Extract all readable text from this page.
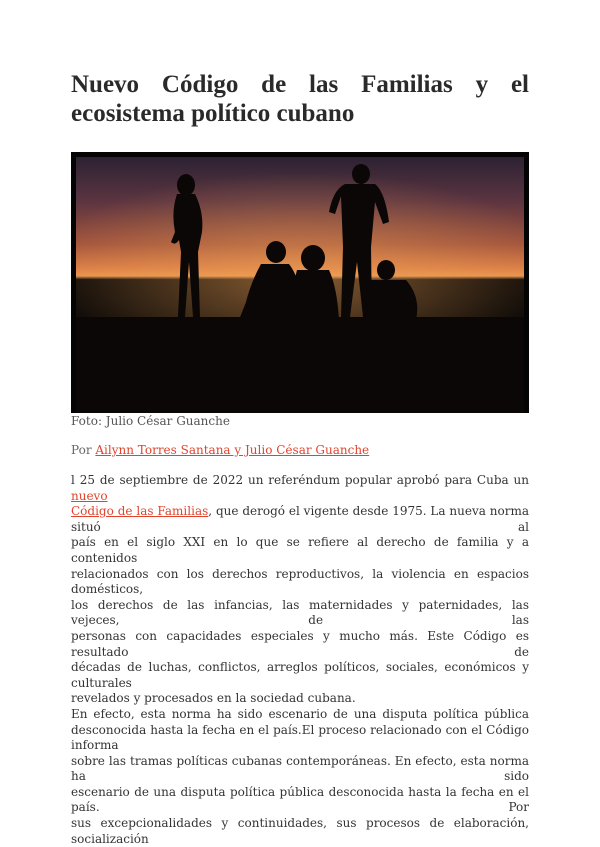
Nuevo Código de las Familias y el ecosistema político cubano
Foto: Julio César Guanche
Por Ailynn Torres Santana y Julio César Guanche

l 25 de septiembre de 2022 un referéndum popular aprobó para Cuba un nuevo

Código de las Familias, que derogó el vigente desde 1975. La nueva norma situó al

país en el siglo XXI en lo que se refiere al derecho de familia y a contenidos

relacionados con los derechos reproductivos, la violencia en espacios domésticos,

los derechos de las infancias, las maternidades y paternidades, las vejeces, de las

personas con capacidades especiales y mucho más. Este Código es resultado de

décadas de luchas, conflictos, arreglos políticos, sociales, económicos y culturales

revelados y procesados en la sociedad cubana.

En efecto, esta norma ha sido escenario de una disputa política pública

desconocida hasta la fecha en el país.El proceso relacionado con el Código informa

sobre las tramas políticas cubanas contemporáneas. En efecto, esta norma ha sido

escenario de una disputa política pública desconocida hasta la fecha en el país. Por

sus excepcionalidades y continuidades, sus procesos de elaboración, socialización
